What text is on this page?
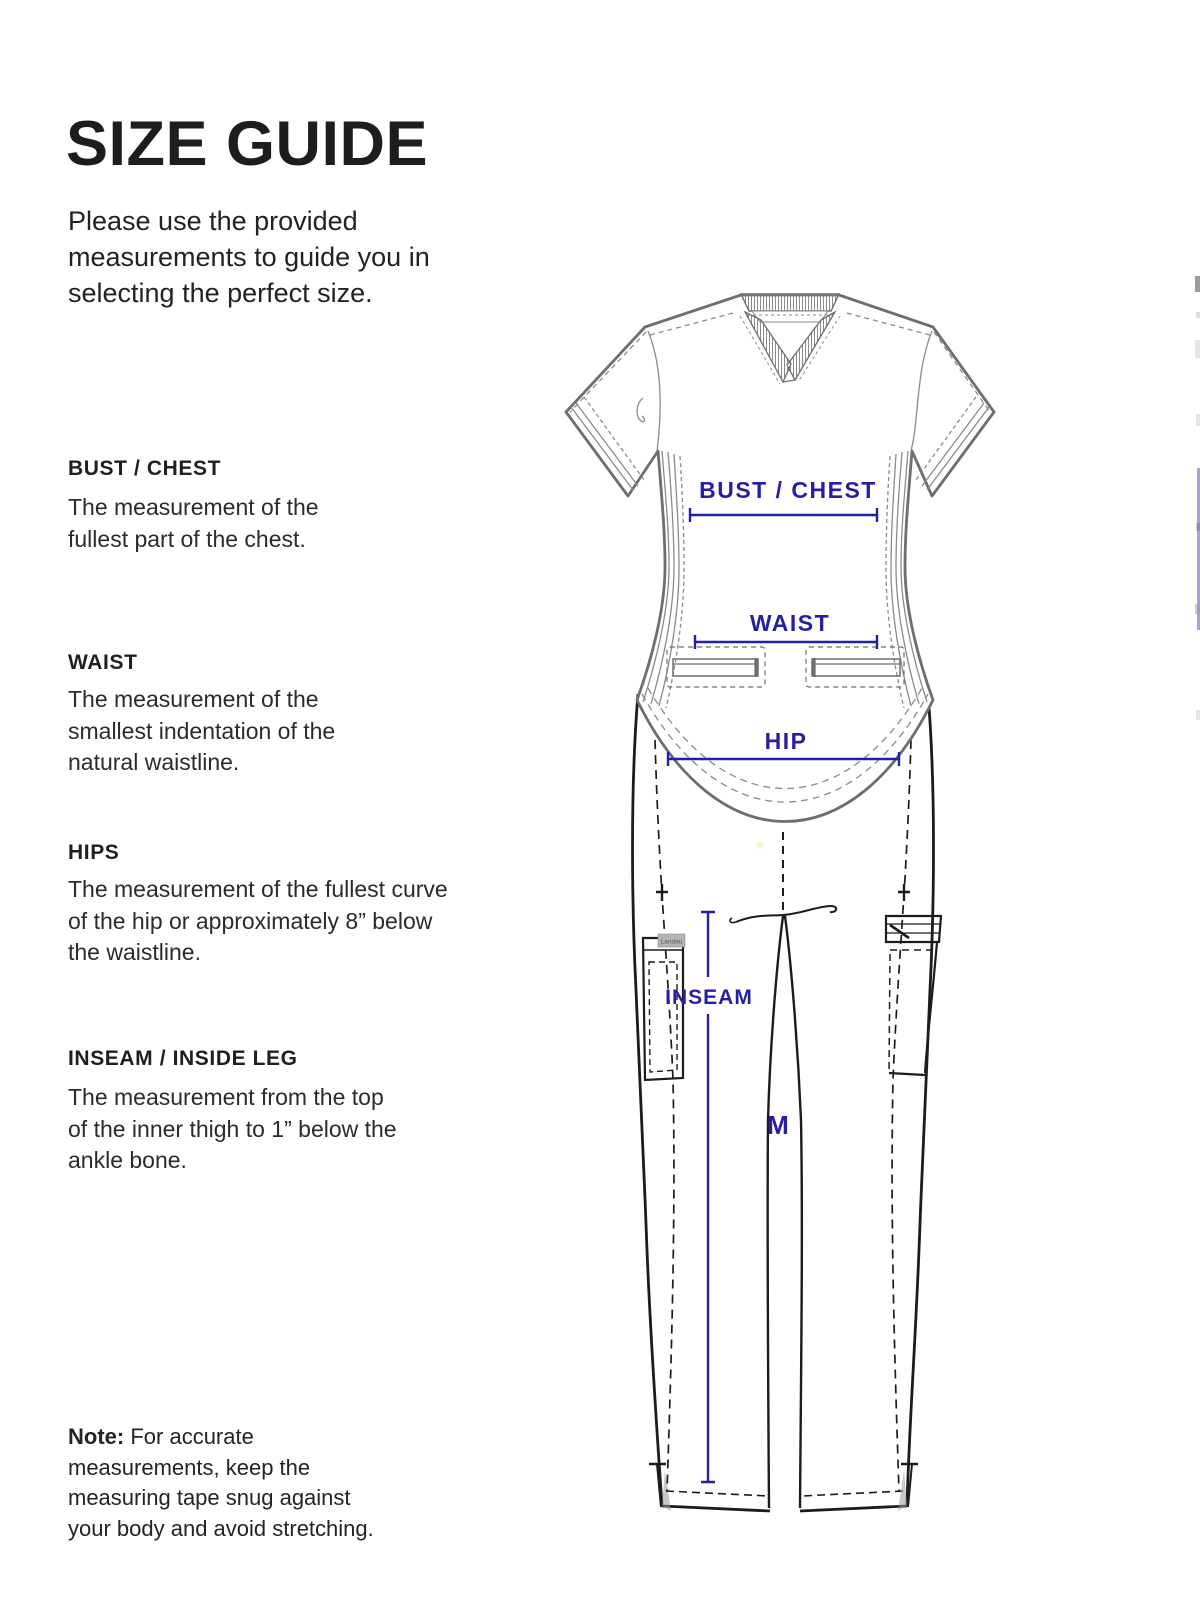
SIZE GUIDE

Please use the provided measurements to guide you in selecting the perfect size.

BUST / CHEST
The measurement of the fullest part of the chest.
WAIST
The measurement of the smallest indentation of the natural waistline.
HIPS
The measurement of the fullest curve of the hip or approximately 8” below the waistline.
INSEAM / INSIDE LEG
The measurement from the top of the inner thigh to 1” below the ankle bone.

Note: For accurate measurements, keep the measuring tape snug against your body and avoid stretching.

Landau
BUST / CHEST
WAIST
HIP
INSEAM
M
